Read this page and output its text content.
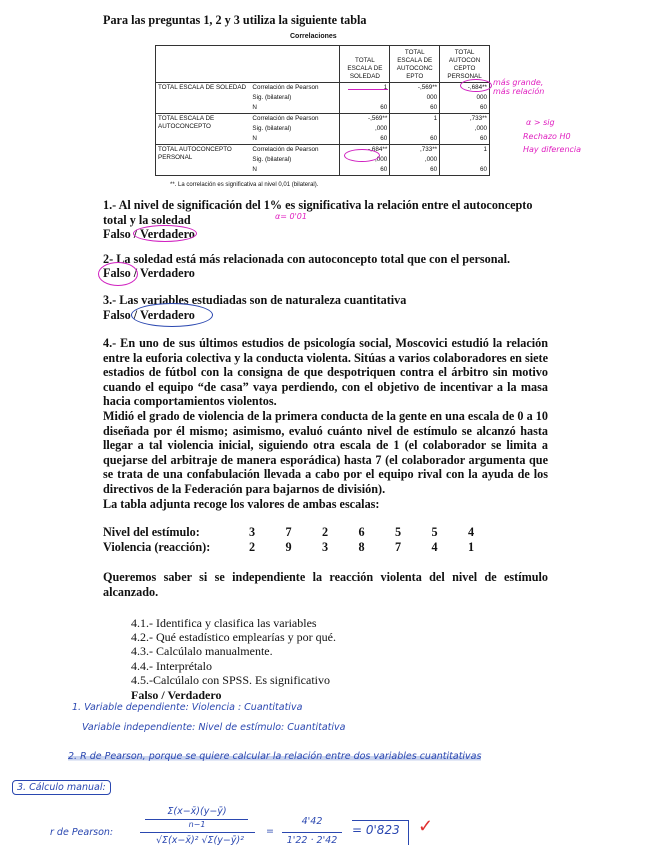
Para las preguntas 1, 2 y 3 utiliza la siguiente tabla
Correlaciones
		TOTAL ESCALA DE SOLEDAD	TOTAL ESCALA DE AUTOCONC EPTO	TOTAL AUTOCON CEPTO PERSONAL
TOTAL ESCALA DE SOLEDAD	Correlación de Pearson	1	-,569**	-,684**
	Sig. (bilateral)		000	000
	N	60	60	60
TOTAL ESCALA DE AUTOCONCEPTO	Correlación de Pearson	-,569**	1	,733**
	Sig. (bilateral)	,000		,000
	N	60	60	60
TOTAL AUTOCONCEPTO PERSONAL	Correlación de Pearson	-,684**	,733**	1
	Sig. (bilateral)	,000	,000	
	N	60	60	60
**. La correlación es significativa al nivel 0,01 (bilateral).
más grande, más relación
α > sig
Rechazo H0
Hay diferencia
1.- Al nivel de significación del 1% es significativa la relación entre el autoconcepto total y la soledad	α= 0'01
Falso / Verdadero
2- La soledad está más relacionada con autoconcepto total que con el personal.
Falso / Verdadero
3.- Las variables estudiadas son de naturaleza cuantitativa
Falso / Verdadero
4.- En uno de sus últimos estudios de psicología social, Moscovici estudió la relación entre la euforia colectiva y la conducta violenta. Sitúas a varios colaboradores en siete estadios de fútbol con la consigna de que despotriquen contra el árbitro sin motivo cuando el equipo “de casa” vaya perdiendo, con el objetivo de incentivar a la masa hacia comportamientos violentos.
Midió el grado de violencia de la primera conducta de la gente en una escala de 0 a 10 diseñada por él mismo; asimismo, evaluó cuánto nivel de estímulo se alcanzó hasta llegar a tal violencia inicial, siguiendo otra escala de 1 (el colaborador se limita a quejarse del arbitraje de manera esporádica) hasta 7 (el colaborador argumenta que se trata de una confabulación llevada a cabo por el equipo rival con la ayuda de los directivos de la Federación para bajarnos de división).
La tabla adjunta recoge los valores de ambas escalas:
Nivel del estímulo:	3	7	2	6	5	5	4
Violencia (reacción):	2	9	3	8	7	4	1
Queremos saber si se independiente la reacción violenta del nivel de estímulo alcanzado.
4.1.- Identifica y clasifica las variables
4.2.- Qué estadístico emplearías y por qué.
4.3.- Calcúlalo manualmente.
4.4.- Interprétalo
4.5.-Calcúlalo con SPSS. Es significativo
Falso / Verdadero
1. Variable dependiente: Violencia : Cuantitativa
Variable independiente: Nivel de estímulo: Cuantitativa
2. R de Pearson, porque se quiere calcular la relación entre dos variables cuantitativas
3. Cálculo manual:
r de Pearson:
Σ(x−x̄)(y−ȳ)
n−1
√Σ(x−x̄)² √Σ(y−ȳ)²
=
4'42
1'22 · 2'42
= 0'823	✓
